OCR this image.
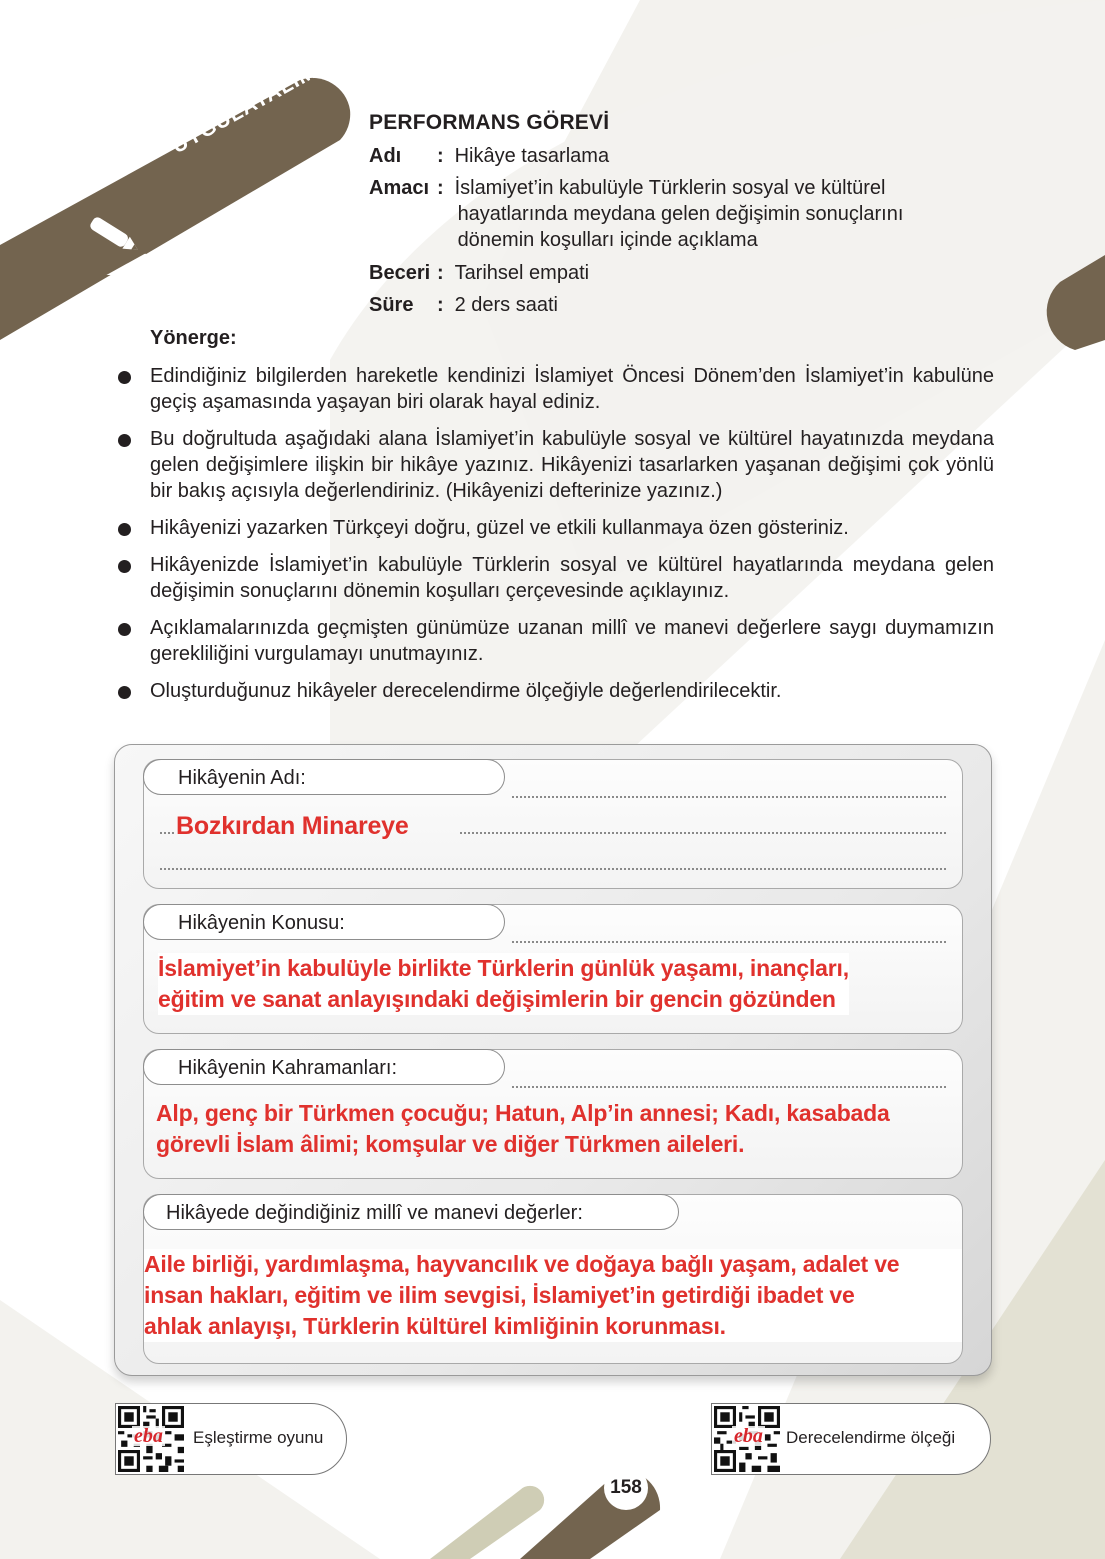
UYGULAYALIM PERFORMANS GÖREVİ
Adı : Hikâye tasarlama
Amacı : İslamiyet’in kabulüyle Türklerin sosyal ve kültürel
hayatlarında meydana gelen değişimin sonuçlarını
dönemin koşulları içinde açıklama
Beceri : Tarihsel empati
Süre : 2 ders saati
Yönerge:
Edindiğiniz bilgilerden hareketle kendinizi İslamiyet Öncesi Dönem’den İslamiyet’in kabulüne geçiş aşamasında yaşayan biri olarak hayal ediniz.
Bu doğrultuda aşağıdaki alana İslamiyet’in kabulüyle sosyal ve kültürel hayatınızda meydana gelen değişimlere ilişkin bir hikâye yazınız. Hikâyenizi tasarlarken yaşanan değişimi çok yönlü bir bakış açısıyla değerlendiriniz. (Hikâyenizi defterinize yazınız.)
Hikâyenizi yazarken Türkçeyi doğru, güzel ve etkili kullanmaya özen gösteriniz.
Hikâyenizde İslamiyet’in kabulüyle Türklerin sosyal ve kültürel hayatlarında meydana gelen değişimin sonuçlarını dönemin koşulları çerçevesinde açıklayınız.
Açıklamalarınızda geçmişten günümüze uzanan millî ve manevi değerlere saygı duymamızın gerekliliğini vurgulamayı unutmayınız.
Oluşturduğunuz hikâyeler derecelendirme ölçeğiyle değerlendirilecektir.
Hikâyenin Adı:
Bozkırdan Minareye
Hikâyenin Konusu:
İslamiyet’in kabulüyle birlikte Türklerin günlük yaşamı, inançları,
eğitim ve sanat anlayışındaki değişimlerin bir gencin gözünden
Hikâyenin Kahramanları:
Alp, genç bir Türkmen çocuğu; Hatun, Alp’in annesi; Kadı, kasabada
görevli İslam âlimi; komşular ve diğer Türkmen aileleri.
Hikâyede değindiğiniz millî ve manevi değerler:
Aile birliği, yardımlaşma, hayvancılık ve doğaya bağlı yaşam, adalet ve
insan hakları, eğitim ve ilim sevgisi, İslamiyet’in getirdiği ibadet ve
ahlak anlayışı, Türklerin kültürel kimliğinin korunması.
eba Eşleştirme oyunu	eba Derecelendirme ölçeği
158
